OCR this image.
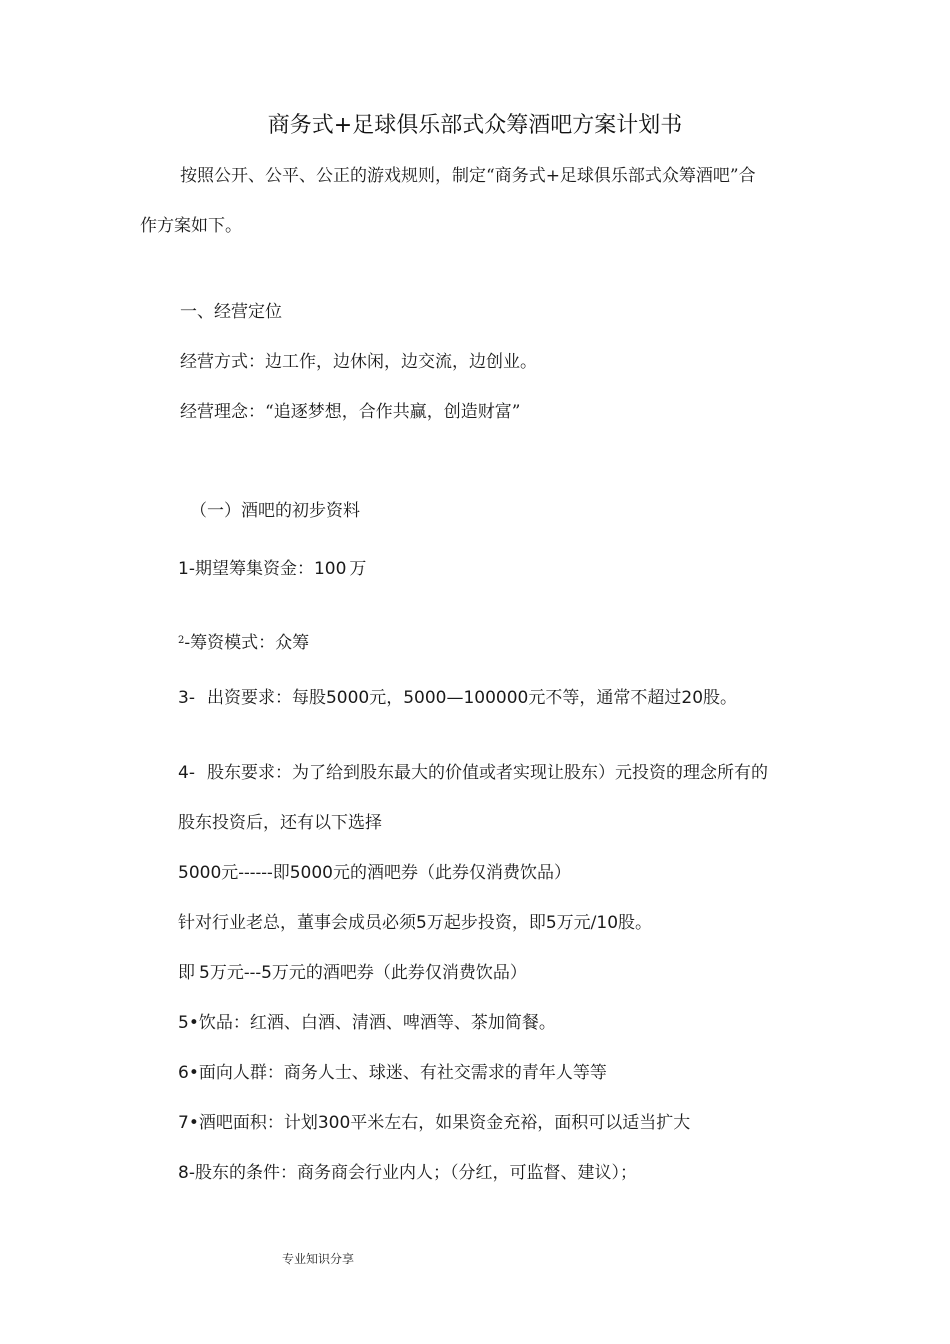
商务式+足球俱乐部式众筹酒吧方案计划书
按照公开、公平、公正的游戏规则，制定“商务式+足球俱乐部式众筹酒吧”合
作方案如下。
一、经营定位
经营方式：边工作，边休闲，边交流，边创业。
经营理念：“追逐梦想，合作共赢，创造财富”
（一）酒吧的初步资料
1-期望筹集资金：100 万
$^2$-筹资模式：众筹
3- 出资要求：每股5000元，5000—100000元不等，通常不超过20股。
4- 股东要求：为了给到股东最大的价值或者实现让股东）元投资的理念所有的
股东投资后，还有以下选择
5000元------即5000元的酒吧券（此券仅消费饮品）
针对行业老总，董事会成员必须5万起步投资，即5万元/10股。
即 5万元---5万元的酒吧券（此券仅消费饮品）
5•饮品：红酒、白酒、清酒、啤酒等、茶加简餐。
6•面向人群：商务人士、球迷、有社交需求的青年人等等
7•酒吧面积：计划300平米左右，如果资金充裕，面积可以适当扩大
8-股东的条件：商务商会行业内人；（分红，可监督、建议）；
专业知识分享
